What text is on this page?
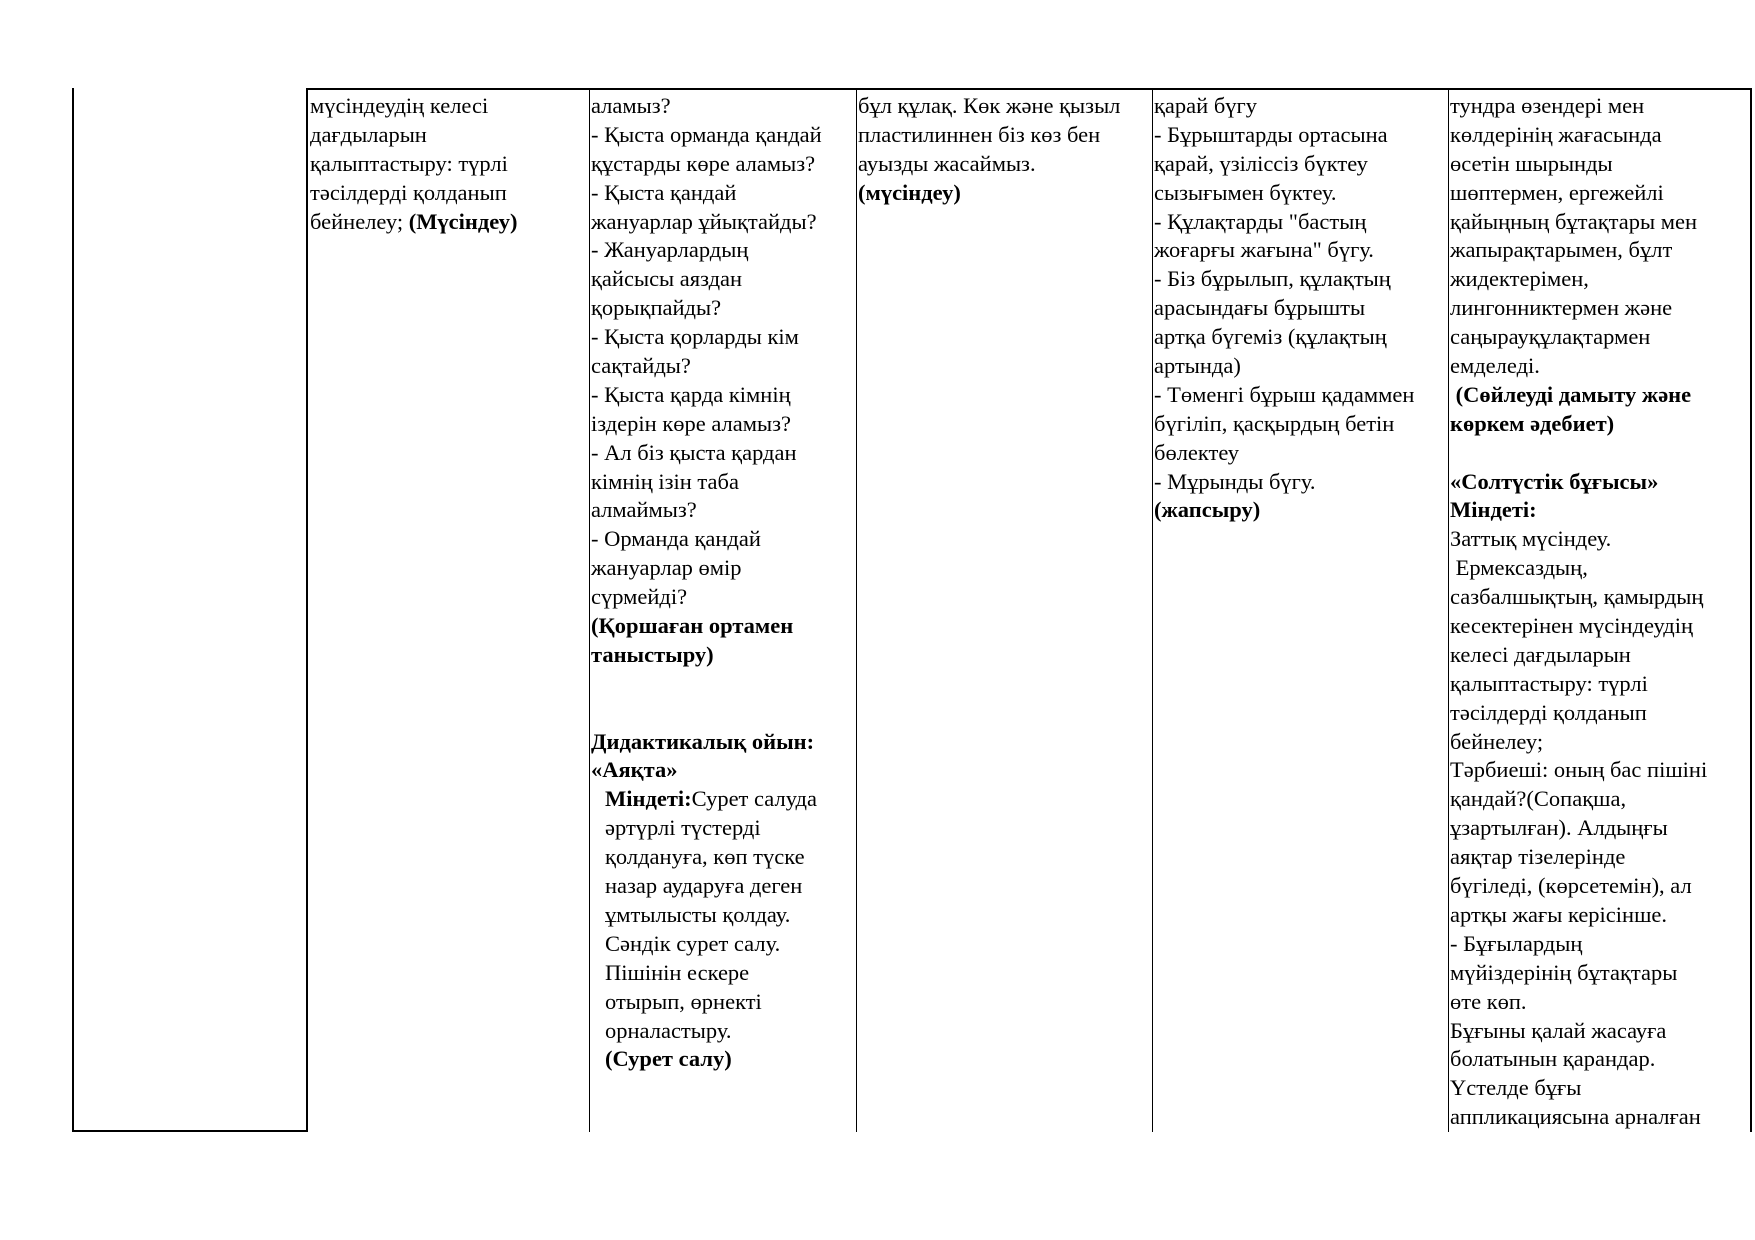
мүсіндеудің келесі
дағдыларын
қалыптастыру: түрлі
тәсілдерді қолданып
бейнелеу; (Мүсіндеу)
аламыз?
- Қыста орманда қандай
құстарды көре аламыз?
- Қыста қандай
жануарлар ұйықтайды?
- Жануарлардың
қайсысы аяздан
қорықпайды?
- Қыста қорларды кім
сақтайды?
- Қыста қарда кімнің
іздерін көре аламыз?
- Ал біз қыста қардан
кімнің ізін таба
алмаймыз?
- Орманда қандай
жануарлар өмір
сүрмейді?
(Қоршаған ортамен
таныстыру)
Дидактикалық ойын:
«Аяқта»
Міндеті:Сурет салуда
әртүрлі түстерді
қолдануға, көп түске
назар аударуға деген
ұмтылысты қолдау.
Сәндік сурет салу.
Пішінін ескере
отырып, өрнекті
орналастыру.
(Сурет салу)
бұл құлақ. Көк және қызыл
пластилиннен біз көз бен
ауызды жасаймыз.
(мүсіндеу)
қарай бүгу
- Бұрыштарды ортасына
қарай, үзіліссіз бүктеу
сызығымен бүктеу.
- Құлақтарды "бастың
жоғарғы жағына" бүгу.
- Біз бұрылып, құлақтың
арасындағы бұрышты
артқа бүгеміз (құлақтың
артында)
- Төменгі бұрыш қадаммен
бүгіліп, қасқырдың бетін
бөлектеу
- Мұрынды бүгу.
(жапсыру)
тундра өзендері мен
көлдерінің жағасында
өсетін шырынды
шөптермен, ергежейлі
қайыңның бұтақтары мен
жапырақтарымен, бұлт
жидектерімен,
лингонниктермен және
саңырауқұлақтармен
емделеді.
(Сөйлеуді дамыту және
көркем әдебиет)
«Солтүстік бұғысы»
Міндеті:
Заттық мүсіндеу.
Ермексаздың,
сазбалшықтың, қамырдың
кесектерінен мүсіндеудің
келесі дағдыларын
қалыптастыру: түрлі
тәсілдерді қолданып
бейнелеу;
Тәрбиеші: оның бас пішіні
қандай?(Сопақша,
ұзартылған). Алдыңғы
аяқтар тізелерінде
бүгіледі, (көрсетемін), ал
артқы жағы керісінше.
- Бұғылардың
мүйіздерінің бұтақтары
өте көп.
Бұғыны қалай жасауға
болатынын қарандар.
Үстелде бұғы
аппликациясына арналған
